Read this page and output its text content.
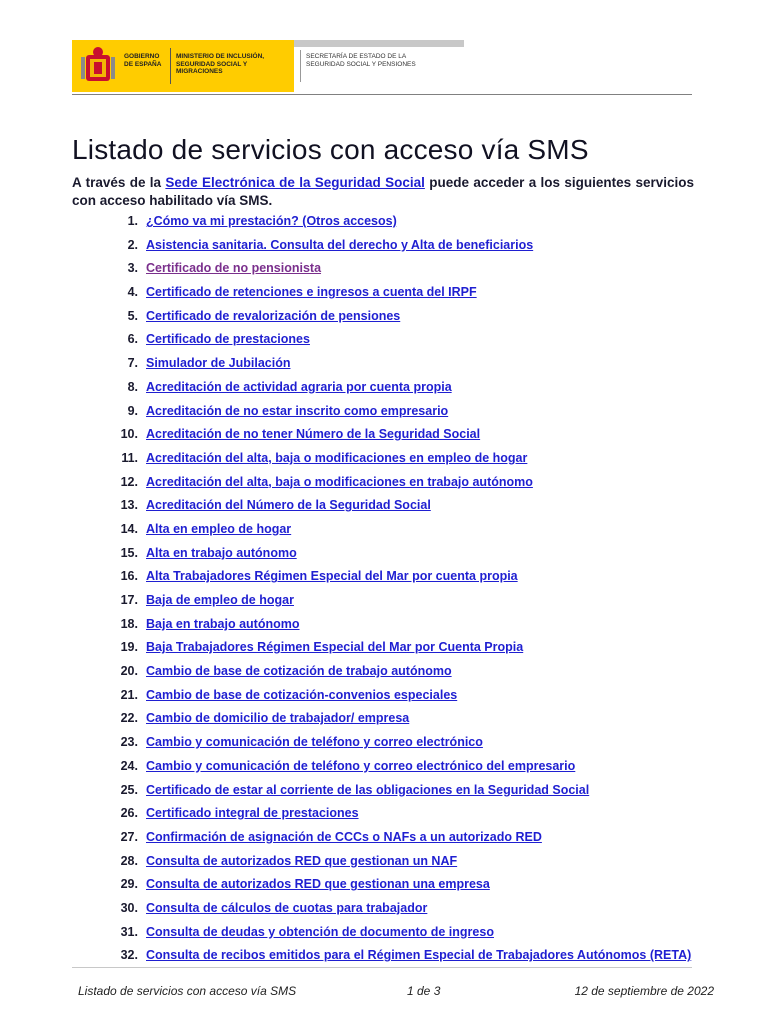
GOBIERNO DE ESPAÑA
MINISTERIO DE INCLUSIÓN, SEGURIDAD SOCIAL Y MIGRACIONES
SECRETARÍA DE ESTADO DE LA SEGURIDAD SOCIAL Y PENSIONES
Listado de servicios con acceso vía SMS

A través de la Sede Electrónica de la Seguridad Social puede acceder a los siguientes servicios con acceso habilitado vía SMS.

1. ¿Cómo va mi prestación? (Otros accesos)
2. Asistencia sanitaria. Consulta del derecho y Alta de beneficiarios
3. Certificado de no pensionista
4. Certificado de retenciones e ingresos a cuenta del IRPF
5. Certificado de revalorización de pensiones
6. Certificado de prestaciones
7. Simulador de Jubilación
8. Acreditación de actividad agraria por cuenta propia
9. Acreditación de no estar inscrito como empresario
10. Acreditación de no tener Número de la Seguridad Social
11. Acreditación del alta, baja o modificaciones en empleo de hogar
12. Acreditación del alta, baja o modificaciones en trabajo autónomo
13. Acreditación del Número de la Seguridad Social
14. Alta en empleo de hogar
15. Alta en trabajo autónomo
16. Alta Trabajadores Régimen Especial del Mar por cuenta propia
17. Baja de empleo de hogar
18. Baja en trabajo autónomo
19. Baja Trabajadores Régimen Especial del Mar por Cuenta Propia
20. Cambio de base de cotización de trabajo autónomo
21. Cambio de base de cotización-convenios especiales
22. Cambio de domicilio de trabajador/ empresa
23. Cambio y comunicación de teléfono y correo electrónico
24. Cambio y comunicación de teléfono y correo electrónico del empresario
25. Certificado de estar al corriente de las obligaciones en la Seguridad Social
26. Certificado integral de prestaciones
27. Confirmación de asignación de CCCs o NAFs a un autorizado RED
28. Consulta de autorizados RED que gestionan un NAF
29. Consulta de autorizados RED que gestionan una empresa
30. Consulta de cálculos de cuotas para trabajador
31. Consulta de deudas y obtención de documento de ingreso
32. Consulta de recibos emitidos para el Régimen Especial de Trabajadores Autónomos (RETA)
Listado de servicios con acceso vía SMS	1 de 3	12 de septiembre de 2022
